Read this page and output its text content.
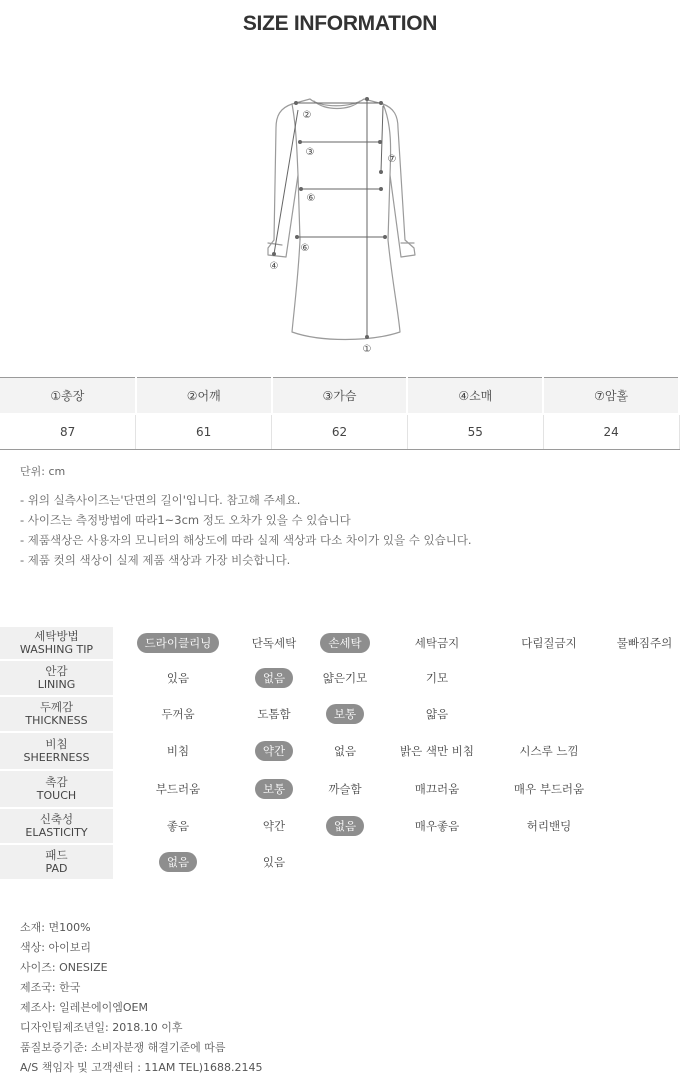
SIZE INFORMATION
②
③
⑦
⑥
⑥
④
①
①총장	②어깨	③가슴	④소매	⑦암홀
87	61	62	55	24
단위: cm
- 위의 실측사이즈는'단면의 길이'입니다. 참고해 주세요.
- 사이즈는 측정방법에 따라1~3cm 정도 오차가 있을 수 있습니다
- 제품색상은 사용자의 모니터의 해상도에 따라 실제 색상과 다소 차이가 있을 수 있습니다.
- 제품 컷의 색상이 실제 제품 색상과 가장 비슷합니다.
세탁방법
WASHING TIP	드라이클리닝	단독세탁	손세탁	세탁금지	다림질금지	물빠짐주의
안감
LINING	있음	없음	얇은기모	기모		
두께감
THICKNESS	두꺼움	도톰함	보통	얇음		
비침
SHEERNESS	비침	약간	없음	밝은 색만 비침	시스루 느낌	
촉감
TOUCH	부드러움	보통	까슬함	매끄러움	매우 부드러움	
신축성
ELASTICITY	좋음	약간	없음	매우좋음	허리밴딩	
패드
PAD	없음	있음				
소재: 면100%
색상: 아이보리
사이즈: ONESIZE
제조국: 한국
제조사: 일레븐에이엠OEM
디자인팀제조년일: 2018.10 이후
품질보증기준: 소비자분쟁 해결기준에 따름
A/S 책임자 및 고객센터 : 11AM TEL)1688.2145
